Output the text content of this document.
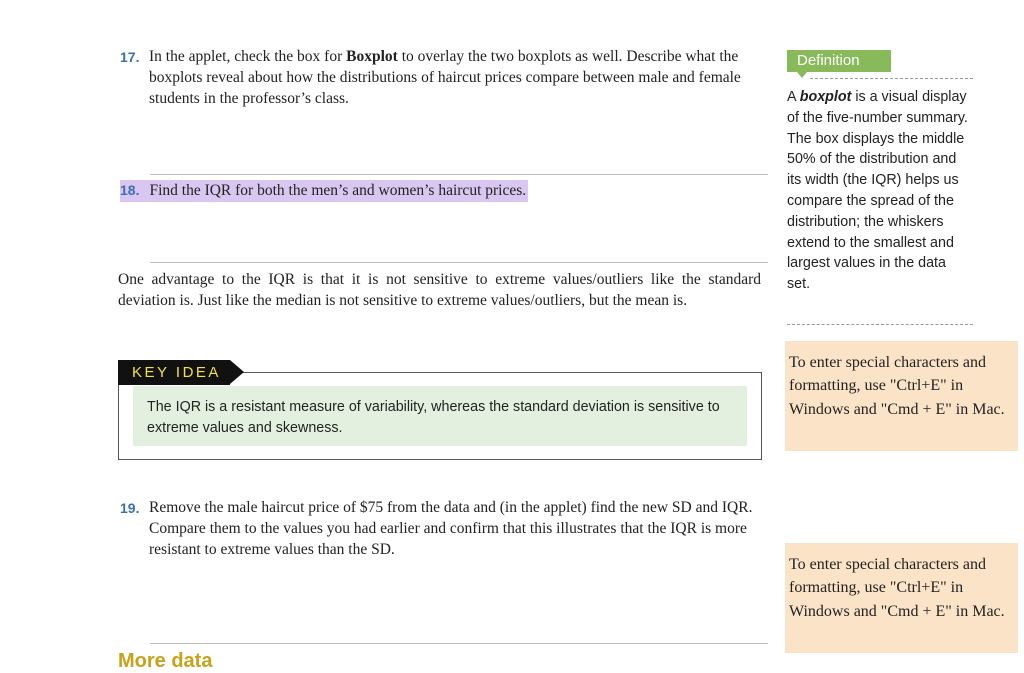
17. In the applet, check the box for Boxplot to overlay the two boxplots as well. Describe what the boxplots reveal about how the distributions of haircut prices compare between male and female students in the professor’s class.
18. Find the IQR for both the men’s and women’s haircut prices.
One advantage to the IQR is that it is not sensitive to extreme values/outliers like the standard deviation is. Just like the median is not sensitive to extreme values/outliers, but the mean is.
KEY IDEA

The IQR is a resistant measure of variability, whereas the standard deviation is sensitive to extreme values and skewness.

19. Remove the male haircut price of $75 from the data and (in the applet) find the new SD and IQR. Compare them to the values you had earlier and confirm that this illustrates that the IQR is more resistant to extreme values than the SD.
More data
Definition
A boxplot is a visual display of the five-number summary. The box displays the middle 50% of the distribution and its width (the IQR) helps us compare the spread of the distribution; the whiskers extend to the smallest and largest values in the data set.

To enter special characters and formatting, use "Ctrl+E" in Windows and "Cmd + E" in Mac.

To enter special characters and formatting, use "Ctrl+E" in Windows and "Cmd + E" in Mac.
